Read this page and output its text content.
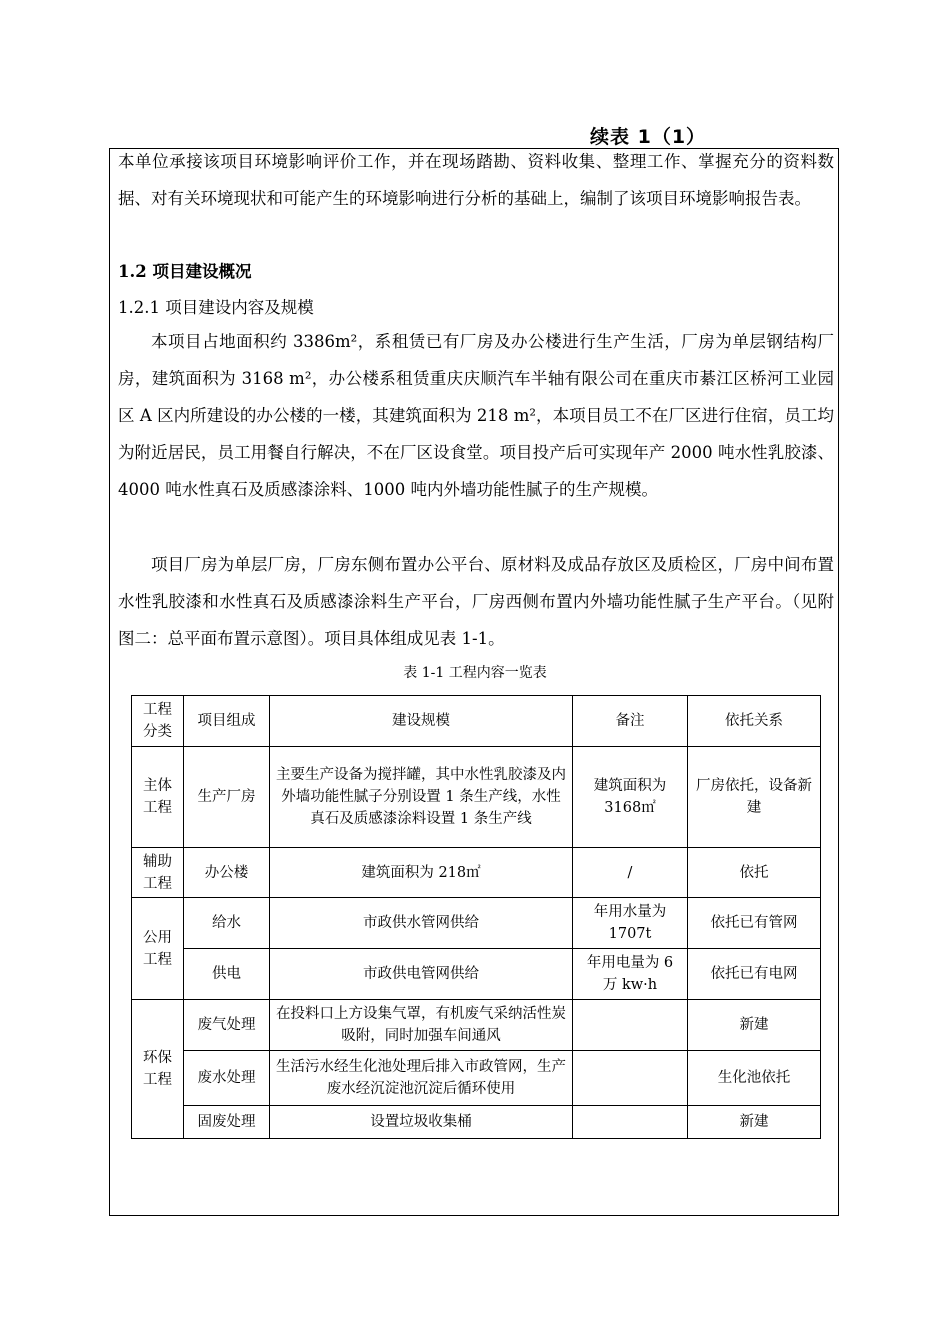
续表 1（1）

本单位承接该项目环境影响评价工作，并在现场踏勘、资料收集、整理工作、掌握充分的资料数据、对有关环境现状和可能产生的环境影响进行分析的基础上，编制了该项目环境影响报告表。

1.2 项目建设概况
1.2.1 项目建设内容及规模

本项目占地面积约 3386m²，系租赁已有厂房及办公楼进行生产生活，厂房为单层钢结构厂房，建筑面积为 3168 m²，办公楼系租赁重庆庆顺汽车半轴有限公司在重庆市綦江区桥河工业园区 A 区内所建设的办公楼的一楼，其建筑面积为 218 m²，本项目员工不在厂区进行住宿，员工均为附近居民，员工用餐自行解决，不在厂区设食堂。项目投产后可实现年产 2000 吨水性乳胶漆、4000 吨水性真石及质感漆涂料、1000 吨内外墙功能性腻子的生产规模。

项目厂房为单层厂房，厂房东侧布置办公平台、原材料及成品存放区及质检区，厂房中间布置水性乳胶漆和水性真石及质感漆涂料生产平台，厂房西侧布置内外墙功能性腻子生产平台。（见附图二：总平面布置示意图）。项目具体组成见表 1-1。

表 1-1 工程内容一览表
工程分类	项目组成	建设规模	备注	依托关系
主体工程	生产厂房	主要生产设备为搅拌罐，其中水性乳胶漆及内外墙功能性腻子分别设置 1 条生产线，水性真石及质感漆涂料设置 1 条生产线	建筑面积为 3168㎡	厂房依托，设备新建
辅助工程	办公楼	建筑面积为 218㎡	/	依托
公用工程	给水	市政供水管网供给	年用水量为 1707t	依托已有管网
	供电	市政供电管网供给	年用电量为 6 万 kw·h	依托已有电网
环保工程	废气处理	在投料口上方设集气罩，有机废气采纳活性炭吸附，同时加强车间通风		新建
	废水处理	生活污水经生化池处理后排入市政管网，生产废水经沉淀池沉淀后循环使用		生化池依托
	固废处理	设置垃圾收集桶		新建
